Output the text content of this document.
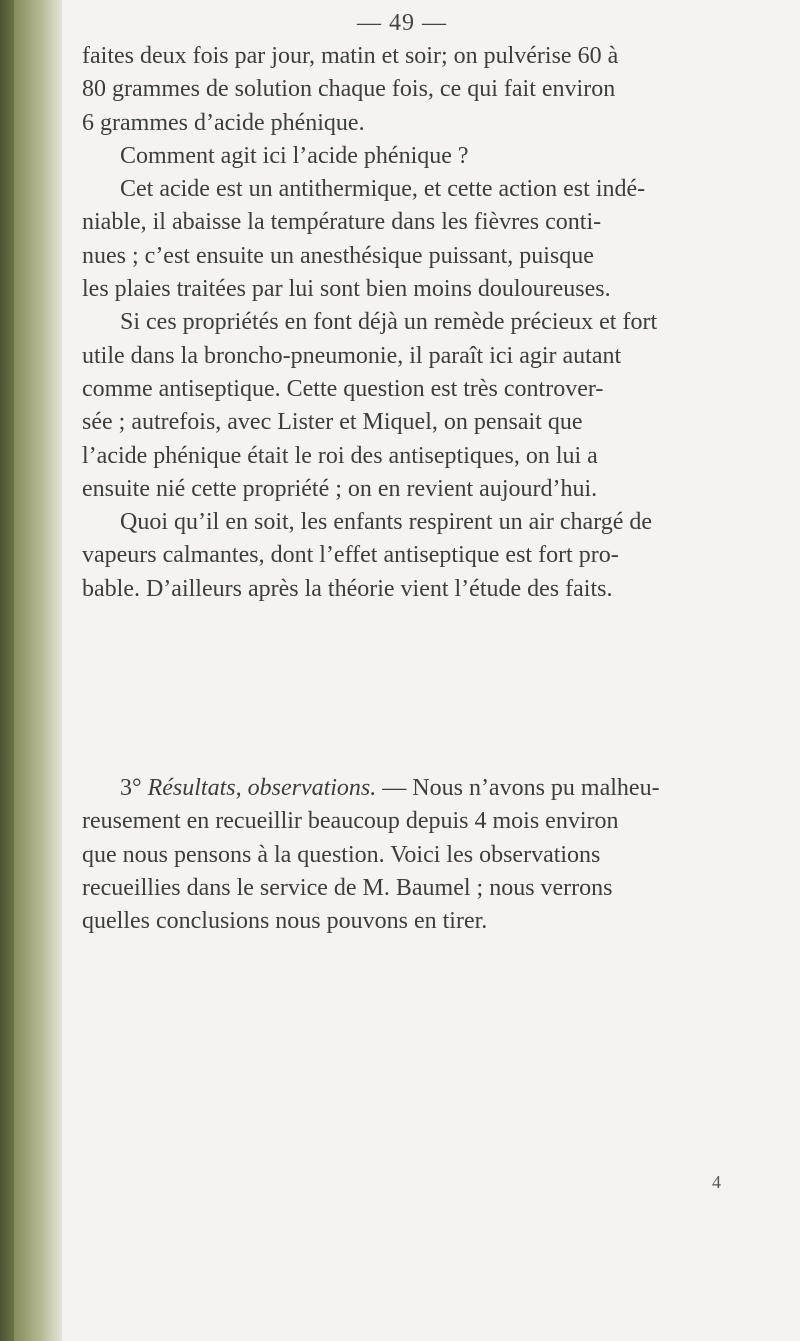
— 49 —
faites deux fois par jour, matin et soir; on pulvérise 60 à
80 grammes de solution chaque fois, ce qui fait environ
6 grammes d’acide phénique.
Comment agit ici l’acide phénique ?
Cet acide est un antithermique, et cette action est indé-
niable, il abaisse la température dans les fièvres conti-
nues ; c’est ensuite un anesthésique puissant, puisque
les plaies traitées par lui sont bien moins douloureuses.
Si ces propriétés en font déjà un remède précieux et fort
utile dans la broncho-pneumonie, il paraît ici agir autant
comme antiseptique. Cette question est très controver-
sée ; autrefois, avec Lister et Miquel, on pensait que
l’acide phénique était le roi des antiseptiques, on lui a
ensuite nié cette propriété ; on en revient aujourd’hui.
Quoi qu’il en soit, les enfants respirent un air chargé de
vapeurs calmantes, dont l’effet antiseptique est fort pro-
bable. D’ailleurs après la théorie vient l’étude des faits.
3° Résultats, observations. — Nous n’avons pu malheu-
reusement en recueillir beaucoup depuis 4 mois environ
que nous pensons à la question. Voici les observations
recueillies dans le service de M. Baumel ; nous verrons
quelles conclusions nous pouvons en tirer.
4
